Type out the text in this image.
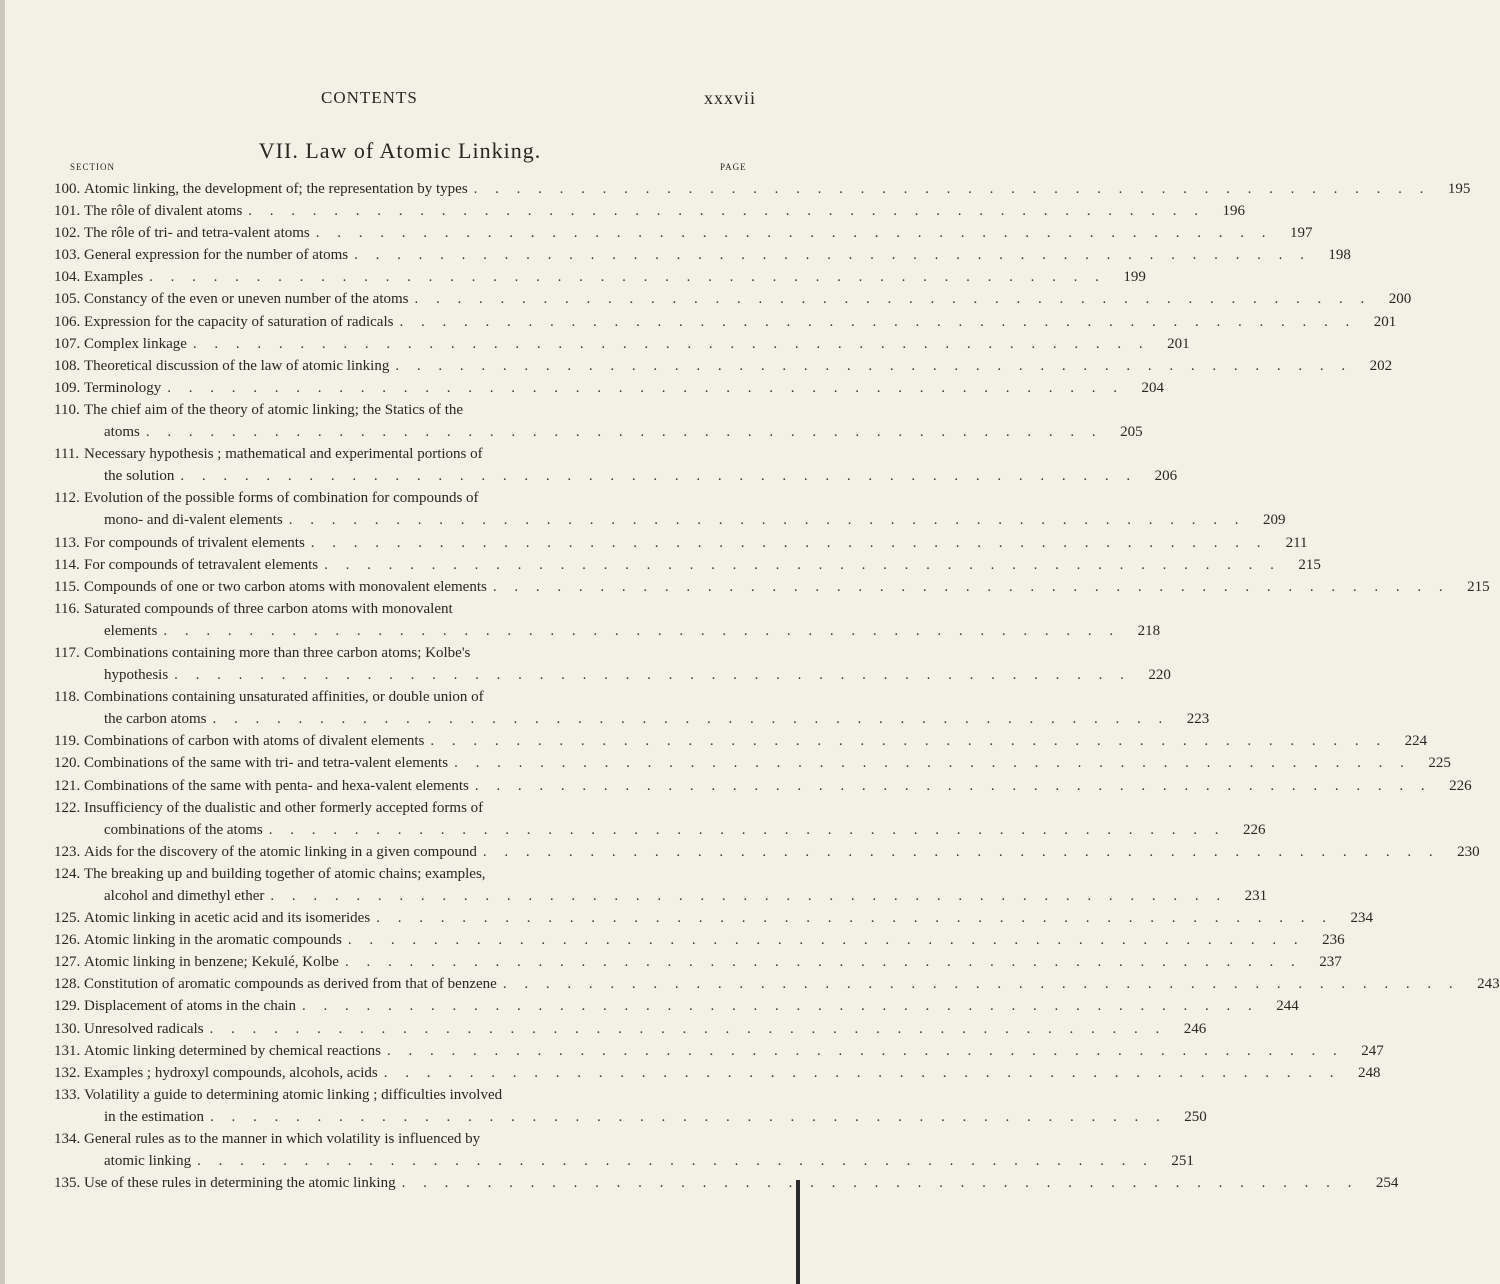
CONTENTS	xxxvii
VII. Law of Atomic Linking.
SECTION	PAGE
100. Atomic linking, the development of; the representation by types . . . . . . . . . . . . . . . . . . . . . . . . . . . . . . . . . . . . . . . . . . . . .	195
101. The rôle of divalent atoms . . . . . . . . . . . . . . . . . . . . . . . . . . . . . . . . . . . . . . . . . . . . .	196
102. The rôle of tri- and tetra-valent atoms . . . . . . . . . . . . . . . . . . . . . . . . . . . . . . . . . . . . . . . . . . . . .	197
103. General expression for the number of atoms . . . . . . . . . . . . . . . . . . . . . . . . . . . . . . . . . . . . . . . . . . . . .	198
104. Examples . . . . . . . . . . . . . . . . . . . . . . . . . . . . . . . . . . . . . . . . . . . . .	199
105. Constancy of the even or uneven number of the atoms . . . . . . . . . . . . . . . . . . . . . . . . . . . . . . . . . . . . . . . . . . . . .	200
106. Expression for the capacity of saturation of radicals . . . . . . . . . . . . . . . . . . . . . . . . . . . . . . . . . . . . . . . . . . . . .	201
107. Complex linkage . . . . . . . . . . . . . . . . . . . . . . . . . . . . . . . . . . . . . . . . . . . . .	201
108. Theoretical discussion of the law of atomic linking . . . . . . . . . . . . . . . . . . . . . . . . . . . . . . . . . . . . . . . . . . . . .	202
109. Terminology . . . . . . . . . . . . . . . . . . . . . . . . . . . . . . . . . . . . . . . . . . . . .	204
110. The chief aim of the theory of atomic linking; the Statics of the
atoms . . . . . . . . . . . . . . . . . . . . . . . . . . . . . . . . . . . . . . . . . . . . .	205
111. Necessary hypothesis ; mathematical and experimental portions of
the solution . . . . . . . . . . . . . . . . . . . . . . . . . . . . . . . . . . . . . . . . . . . . .	206
112. Evolution of the possible forms of combination for compounds of
mono- and di-valent elements . . . . . . . . . . . . . . . . . . . . . . . . . . . . . . . . . . . . . . . . . . . . .	209
113. For compounds of trivalent elements . . . . . . . . . . . . . . . . . . . . . . . . . . . . . . . . . . . . . . . . . . . . .	211
114. For compounds of tetravalent elements . . . . . . . . . . . . . . . . . . . . . . . . . . . . . . . . . . . . . . . . . . . . .	215
115. Compounds of one or two carbon atoms with monovalent elements . . . . . . . . . . . . . . . . . . . . . . . . . . . . . . . . . . . . . . . . . . . . .	215
116. Saturated compounds of three carbon atoms with monovalent
elements . . . . . . . . . . . . . . . . . . . . . . . . . . . . . . . . . . . . . . . . . . . . .	218
117. Combinations containing more than three carbon atoms; Kolbe's
hypothesis . . . . . . . . . . . . . . . . . . . . . . . . . . . . . . . . . . . . . . . . . . . . .	220
118. Combinations containing unsaturated affinities, or double union of
the carbon atoms . . . . . . . . . . . . . . . . . . . . . . . . . . . . . . . . . . . . . . . . . . . . .	223
119. Combinations of carbon with atoms of divalent elements . . . . . . . . . . . . . . . . . . . . . . . . . . . . . . . . . . . . . . . . . . . . .	224
120. Combinations of the same with tri- and tetra-valent elements . . . . . . . . . . . . . . . . . . . . . . . . . . . . . . . . . . . . . . . . . . . . .	225
121. Combinations of the same with penta- and hexa-valent elements . . . . . . . . . . . . . . . . . . . . . . . . . . . . . . . . . . . . . . . . . . . . .	226
122. Insufficiency of the dualistic and other formerly accepted forms of
combinations of the atoms . . . . . . . . . . . . . . . . . . . . . . . . . . . . . . . . . . . . . . . . . . . . .	226
123. Aids for the discovery of the atomic linking in a given compound . . . . . . . . . . . . . . . . . . . . . . . . . . . . . . . . . . . . . . . . . . . . .	230
124. The breaking up and building together of atomic chains; examples,
alcohol and dimethyl ether . . . . . . . . . . . . . . . . . . . . . . . . . . . . . . . . . . . . . . . . . . . . .	231
125. Atomic linking in acetic acid and its isomerides . . . . . . . . . . . . . . . . . . . . . . . . . . . . . . . . . . . . . . . . . . . . .	234
126. Atomic linking in the aromatic compounds . . . . . . . . . . . . . . . . . . . . . . . . . . . . . . . . . . . . . . . . . . . . .	236
127. Atomic linking in benzene; Kekulé, Kolbe . . . . . . . . . . . . . . . . . . . . . . . . . . . . . . . . . . . . . . . . . . . . .	237
128. Constitution of aromatic compounds as derived from that of benzene . . . . . . . . . . . . . . . . . . . . . . . . . . . . . . . . . . . . . . . . . . . . .	243
129. Displacement of atoms in the chain . . . . . . . . . . . . . . . . . . . . . . . . . . . . . . . . . . . . . . . . . . . . .	244
130. Unresolved radicals . . . . . . . . . . . . . . . . . . . . . . . . . . . . . . . . . . . . . . . . . . . . .	246
131. Atomic linking determined by chemical reactions . . . . . . . . . . . . . . . . . . . . . . . . . . . . . . . . . . . . . . . . . . . . .	247
132. Examples ; hydroxyl compounds, alcohols, acids . . . . . . . . . . . . . . . . . . . . . . . . . . . . . . . . . . . . . . . . . . . . .	248
133. Volatility a guide to determining atomic linking ; difficulties involved
in the estimation . . . . . . . . . . . . . . . . . . . . . . . . . . . . . . . . . . . . . . . . . . . . .	250
134. General rules as to the manner in which volatility is influenced by
atomic linking . . . . . . . . . . . . . . . . . . . . . . . . . . . . . . . . . . . . . . . . . . . . .	251
135. Use of these rules in determining the atomic linking . . . . . . . . . . . . . . . . . . . . . . . . . . . . . . . . . . . . . . . . . . . . .	254
